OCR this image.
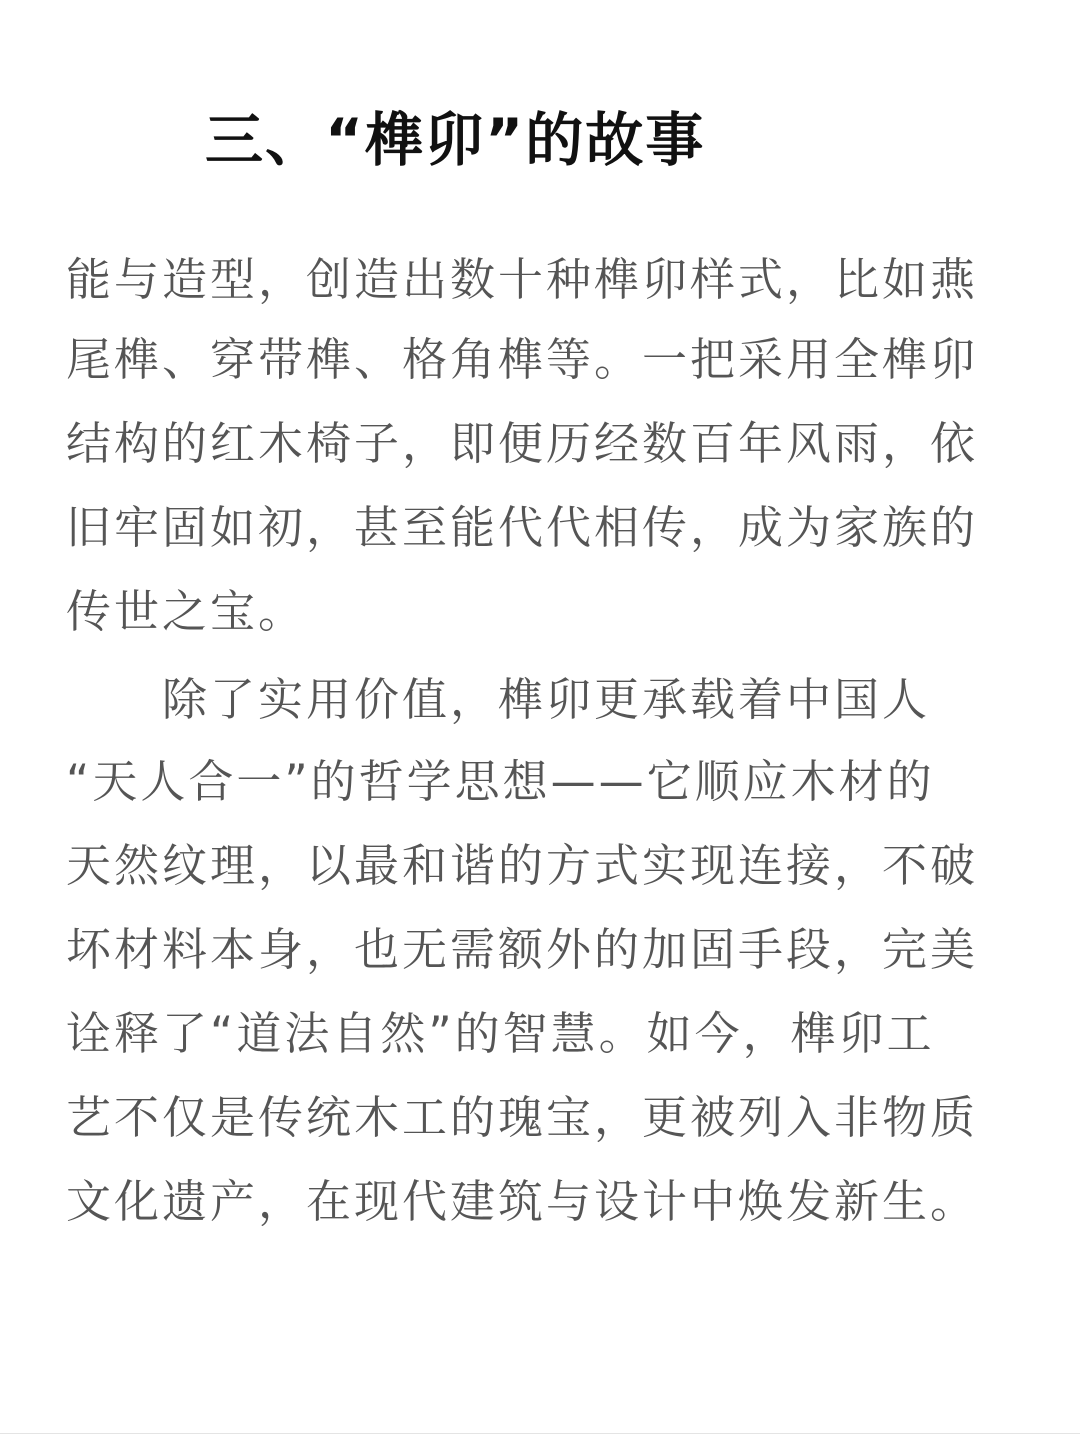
三、“榫卯”的故事

能与造型，创造出数十种榫卯样式，比如燕

尾榫、穿带榫、格角榫等。一把采用全榫卯

结构的红木椅子，即便历经数百年风雨，依

旧牢固如初，甚至能代代相传，成为家族的

传世之宝。

除了实用价值，榫卯更承载着中国人

“天人合一”的哲学思想——它顺应木材的

天然纹理，以最和谐的方式实现连接，不破

坏材料本身，也无需额外的加固手段，完美

诠释了“道法自然”的智慧。如今，榫卯工

艺不仅是传统木工的瑰宝，更被列入非物质

文化遗产，在现代建筑与设计中焕发新生。
